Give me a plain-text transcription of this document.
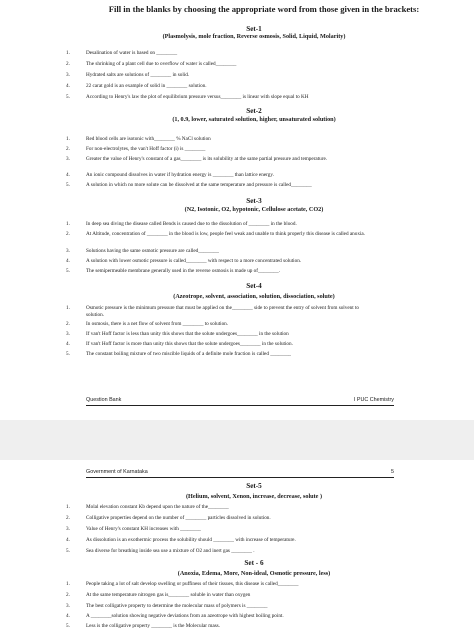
Fill in the blanks by choosing the appropriate word from those given in the brackets:
Set-1
(Plasmolysis, mole fraction, Reverse osmosis, Solid, Liquid, Molarity)
1.	Desalination of water is based on ________
2.	The shrinking of a plant cell due to overflow of water is called________
3.	Hydrated salts are solutions of ________ in solid.
4.	22 carat gold is an example of solid in ________ solution.
5.	According to Henry's law the plot of equilibrium pressure versus________ is linear with slope equal to KH
Set-2
(1, 0.9, lower, saturated solution, higher, unsaturated solution)
1.	Red blood cells are isotonic with________ % NaCl solution
2.	For non-electrolytes, the van't Hoff factor (i) is ________
3.	Greater the value of Henry's constant of a gas________ is its solubility at the same partial pressure and temperature.
4.	An ionic compound dissolves in water if hydration energy is ________ than lattice energy.
5.	A solution in which no more solute can be dissolved at the same temperature and pressure is called________
Set-3
(N2, Isotonic, O2, hypotonic, Cellulose acetate, CO2)
1.	In deep sea diving the disease called Bends is caused due to the dissolution of ________ in the blood.
2.	At Altitude, concentration of ________ in the blood is low, people feel weak and unable to think properly this disease is called anoxia.
3.	Solutions having the same osmotic pressure are called________
4.	A solution with lower osmotic pressure is called________ with respect to a more concentrated solution.
5.	The semipermeable membrane generally used in the reverse osmosis is made up of________.
Set-4
(Azeotrope, solvent, association, solution, dissociation, solute)
1.	Osmotic pressure is the minimum pressure that must be applied on the________ side to prevent the entry of solvent from solvent to solution.
2.	In osmosis, there is a net flow of solvent from ________ to solution.
3.	If van't Hoff factor is less than unity this shows that the solute undergoes________ in the solution
4.	If van't Hoff factor is more than unity this shows that the solute undergoes________ in the solution.
5.	The constant boiling mixture of two miscible liquids of a definite mole fraction is called ________
Question Bank	I PUC Chemistry
Government of Karnataka	5
Set-5
(Helium, solvent, Xenon, increase, decrease, solute )
1.	Molal elevation constant Kb depend upon the nature of the________
2.	Colligative properties depend on the number of ________ particles dissolved in solution.
3.	Value of Henry's constant KH increases with ________
4.	As dissolution is an exothermic process the solubility should ________ with increase of temperature.
5.	Sea diverse for breathing inside sea use a mixture of O2 and inert gas ________ .
Set - 6
(Anoxia, Edema, More, Non-ideal, Osmotic pressure, less)
1.	People taking a lot of salt develop swelling or puffiness of their tissues, this disease is called________
2.	At the same temperature nitrogen gas is________ soluble in water than oxygen
3.	The best colligative property to determine the molecular mass of polymers is ________
4.	A ________solution showing negative deviations from an azeotrope with highest boiling point.
5.	Less is the colligative property ________ is the Molecular mass.
